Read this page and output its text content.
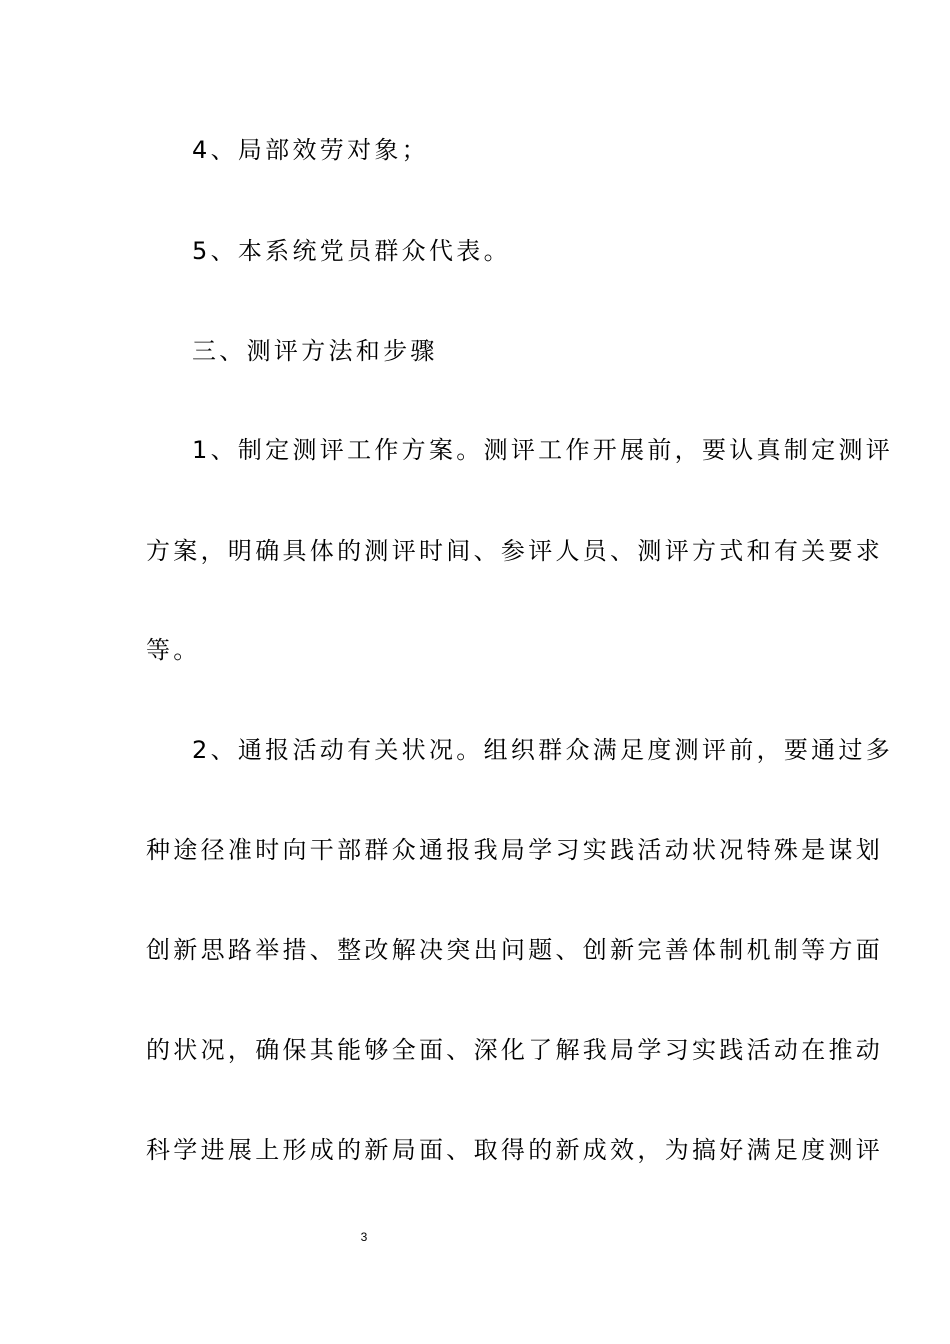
4、局部效劳对象；
5、本系统党员群众代表。
三、测评方法和步骤
1、制定测评工作方案。测评工作开展前，要认真制定测评
方案，明确具体的测评时间、参评人员、测评方式和有关要求
等。
2、通报活动有关状况。组织群众满足度测评前，要通过多
种途径准时向干部群众通报我局学习实践活动状况特殊是谋划
创新思路举措、整改解决突出问题、创新完善体制机制等方面
的状况，确保其能够全面、深化了解我局学习实践活动在推动
科学进展上形成的新局面、取得的新成效，为搞好满足度测评
3
